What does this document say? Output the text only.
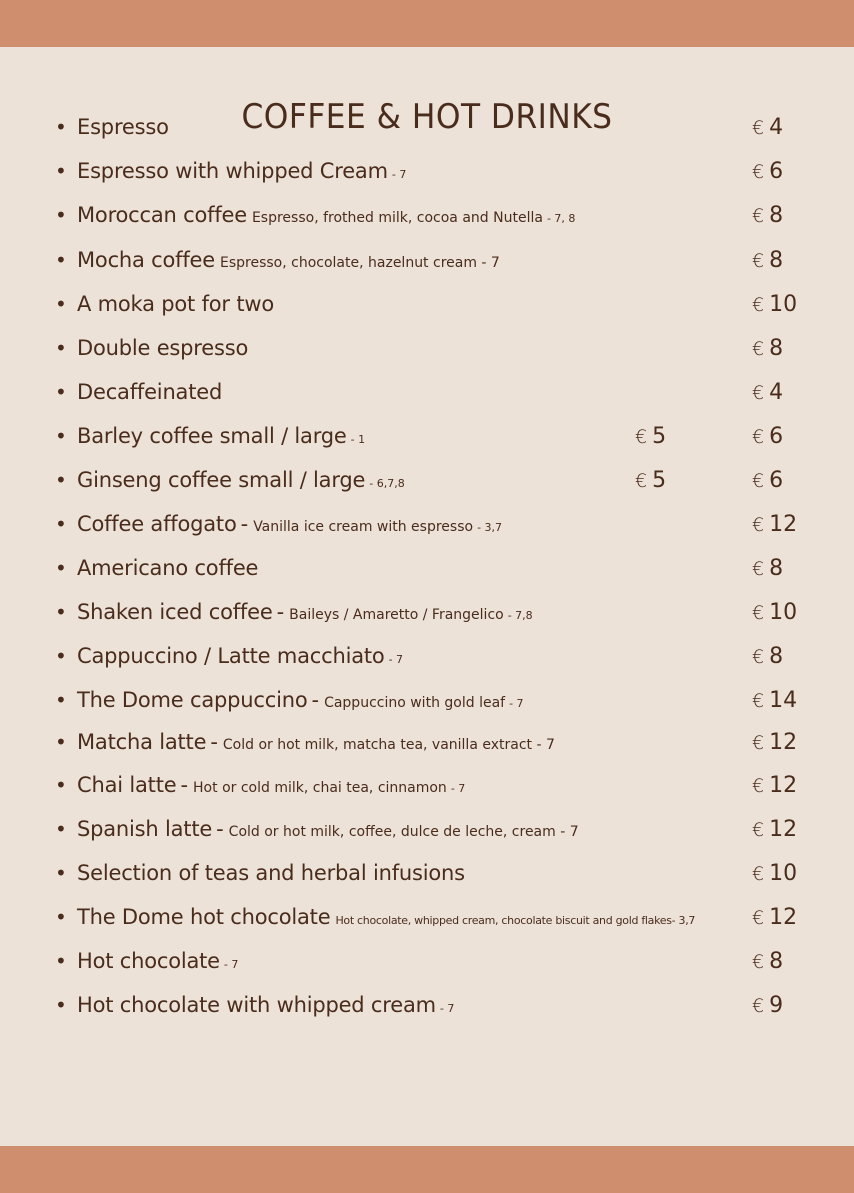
COFFEE & HOT DRINKS
• Espresso	€ 4
• Espresso with whipped Cream - 7	€ 6
• Moroccan coffee Espresso, frothed milk, cocoa and Nutella - 7, 8	€ 8
• Mocha coffee Espresso, chocolate, hazelnut cream - 7	€ 8
• A moka pot for two	€ 10
• Double espresso	€ 8
• Decaffeinated	€ 4
• Barley coffee small / large - 1	€ 5	€ 6
• Ginseng coffee small / large - 6,7,8	€ 5	€ 6
• Coffee affogato - Vanilla ice cream with espresso - 3,7	€ 12
• Americano coffee	€ 8
• Shaken iced coffee - Baileys / Amaretto / Frangelico - 7,8	€ 10
• Cappuccino / Latte macchiato - 7	€ 8
• The Dome cappuccino - Cappuccino with gold leaf - 7	€ 14
• Matcha latte - Cold or hot milk, matcha tea, vanilla extract - 7	€ 12
• Chai latte - Hot or cold milk, chai tea, cinnamon - 7	€ 12
• Spanish latte - Cold or hot milk, coffee, dulce de leche, cream - 7	€ 12
• Selection of teas and herbal infusions	€ 10
• The Dome hot chocolate Hot chocolate, whipped cream, chocolate biscuit and gold flakes- 3,7	€ 12
• Hot chocolate - 7	€ 8
• Hot chocolate with whipped cream - 7	€ 9
